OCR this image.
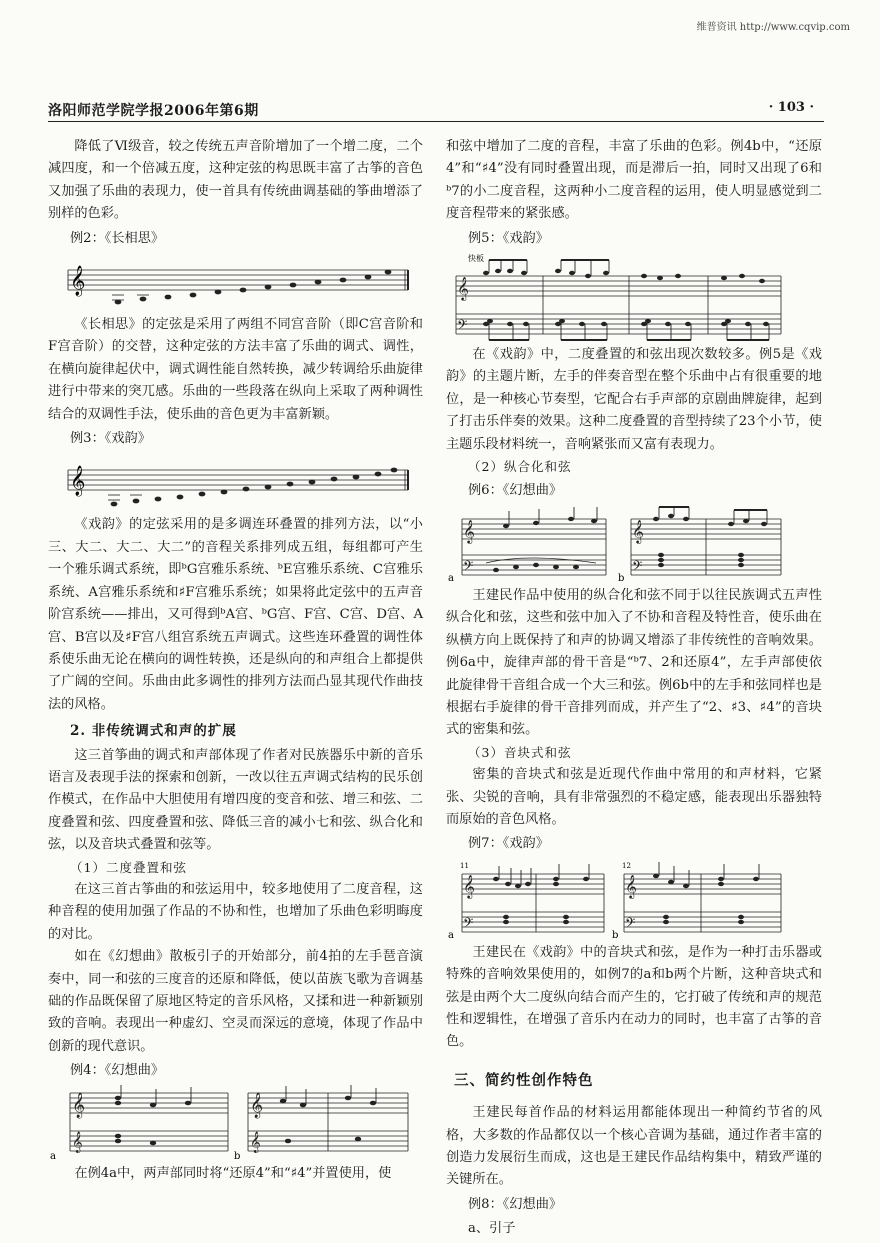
维普资讯 http://www.cqvip.com
洛阳师范学院学报2006年第6期	· 103 ·

降低了Ⅵ级音，较之传统五声音阶增加了一个增二度，二个减四度，和一个倍减五度，这种定弦的构思既丰富了古筝的音色又加强了乐曲的表现力，使一首具有传统曲调基础的筝曲增添了别样的色彩。

例2：《长相思》
𝄞

《长相思》的定弦是采用了两组不同宫音阶（即C宫音阶和F宫音阶）的交替，这种定弦的方法丰富了乐曲的调式、调性，在横向旋律起伏中，调式调性能自然转换，减少转调给乐曲旋律进行中带来的突兀感。乐曲的一些段落在纵向上采取了两种调性结合的双调性手法，使乐曲的音色更为丰富新颖。

例3：《戏韵》
𝄞

《戏韵》的定弦采用的是多调连环叠置的排列方法，以“小三、大二、大二、大二”的音程关系排列成五组，每组都可产生一个雅乐调式系统，即ᵇG宫雅乐系统、ᵇE宫雅乐系统、C宫雅乐系统、A宫雅乐系统和♯F宫雅乐系统；如果将此定弦中的五声音阶宫系统——排出，又可得到ᵇA宫、ᵇG宫、F宫、C宫、D宫、A宫、B宫以及♯F宫八组宫系统五声调式。这些连环叠置的调性体系使乐曲无论在横向的调性转换，还是纵向的和声组合上都提供了广阔的空间。乐曲由此多调性的排列方法而凸显其现代作曲技法的风格。

2. 非传统调式和声的扩展

这三首筝曲的调式和声部体现了作者对民族器乐中新的音乐语言及表现手法的探索和创新，一改以往五声调式结构的民乐创作模式，在作品中大胆使用有增四度的变音和弦、增三和弦、二度叠置和弦、四度叠置和弦、降低三音的减小七和弦、纵合化和弦，以及音块式叠置和弦等。

（1）二度叠置和弦

在这三首古筝曲的和弦运用中，较多地使用了二度音程，这种音程的使用加强了作品的不协和性，也增加了乐曲色彩明晦度的对比。

如在《幻想曲》散板引子的开始部分，前4拍的左手琶音演奏中，同一和弦的三度音的还原和降低，使以苗族飞歌为音调基础的作品既保留了原地区特定的音乐风格，又揉和进一种新颖别致的音响。表现出一种虚幻、空灵而深远的意境，体现了作品中创新的现代意识。

例4：《幻想曲》
𝄞
𝄞
𝄞
𝄞
a	b

在例4a中，两声部同时将“还原4”和“♯4”并置使用，使

和弦中增加了二度的音程，丰富了乐曲的色彩。例4b中，“还原4”和“♯4”没有同时叠置出现，而是滞后一拍，同时又出现了6和ᵇ7的小二度音程，这两种小二度音程的运用，使人明显感觉到二度音程带来的紧张感。

例5：《戏韵》
快板
𝄞
𝄢

在《戏韵》中，二度叠置的和弦出现次数较多。例5是《戏韵》的主题片断，左手的伴奏音型在整个乐曲中占有很重要的地位，是一种核心节奏型，它配合右手声部的京剧曲牌旋律，起到了打击乐伴奏的效果。这种二度叠置的音型持续了23个小节，使主题乐段材料统一，音响紧张而又富有表现力。

（2）纵合化和弦
例6：《幻想曲》
𝄞	𝄞
𝄢
𝄢
a	b

王建民作品中使用的纵合化和弦不同于以往民族调式五声性纵合化和弦，这些和弦中加入了不协和音程及特性音，使乐曲在纵横方向上既保持了和声的协调又增添了非传统性的音响效果。例6a中，旋律声部的骨干音是“ᵇ7、2和还原4”，左手声部使依此旋律骨干音组合成一个大三和弦。例6b中的左手和弦同样也是根据右手旋律的骨干音排列而成，并产生了“2、♯3、♯4”的音块式的密集和弦。

（3）音块式和弦

密集的音块式和弦是近现代作曲中常用的和声材料，它紧张、尖锐的音响，具有非常强烈的不稳定感，能表现出乐器独特而原始的音色风格。

例7：《戏韵》
11	12
𝄞
𝄢
𝄞
𝄢
a	b

王建民在《戏韵》中的音块式和弦，是作为一种打击乐器或特殊的音响效果使用的，如例7的a和b两个片断，这种音块式和弦是由两个大二度纵向结合而产生的，它打破了传统和声的规范性和逻辑性，在增强了音乐内在动力的同时，也丰富了古筝的音色。

三、简约性创作特色

王建民每首作品的材料运用都能体现出一种简约节省的风格，大多数的作品都仅以一个核心音调为基础，通过作者丰富的创造力发展衍生而成，这也是王建民作品结构集中，精致严谨的关键所在。

例8：《幻想曲》
a、引子
